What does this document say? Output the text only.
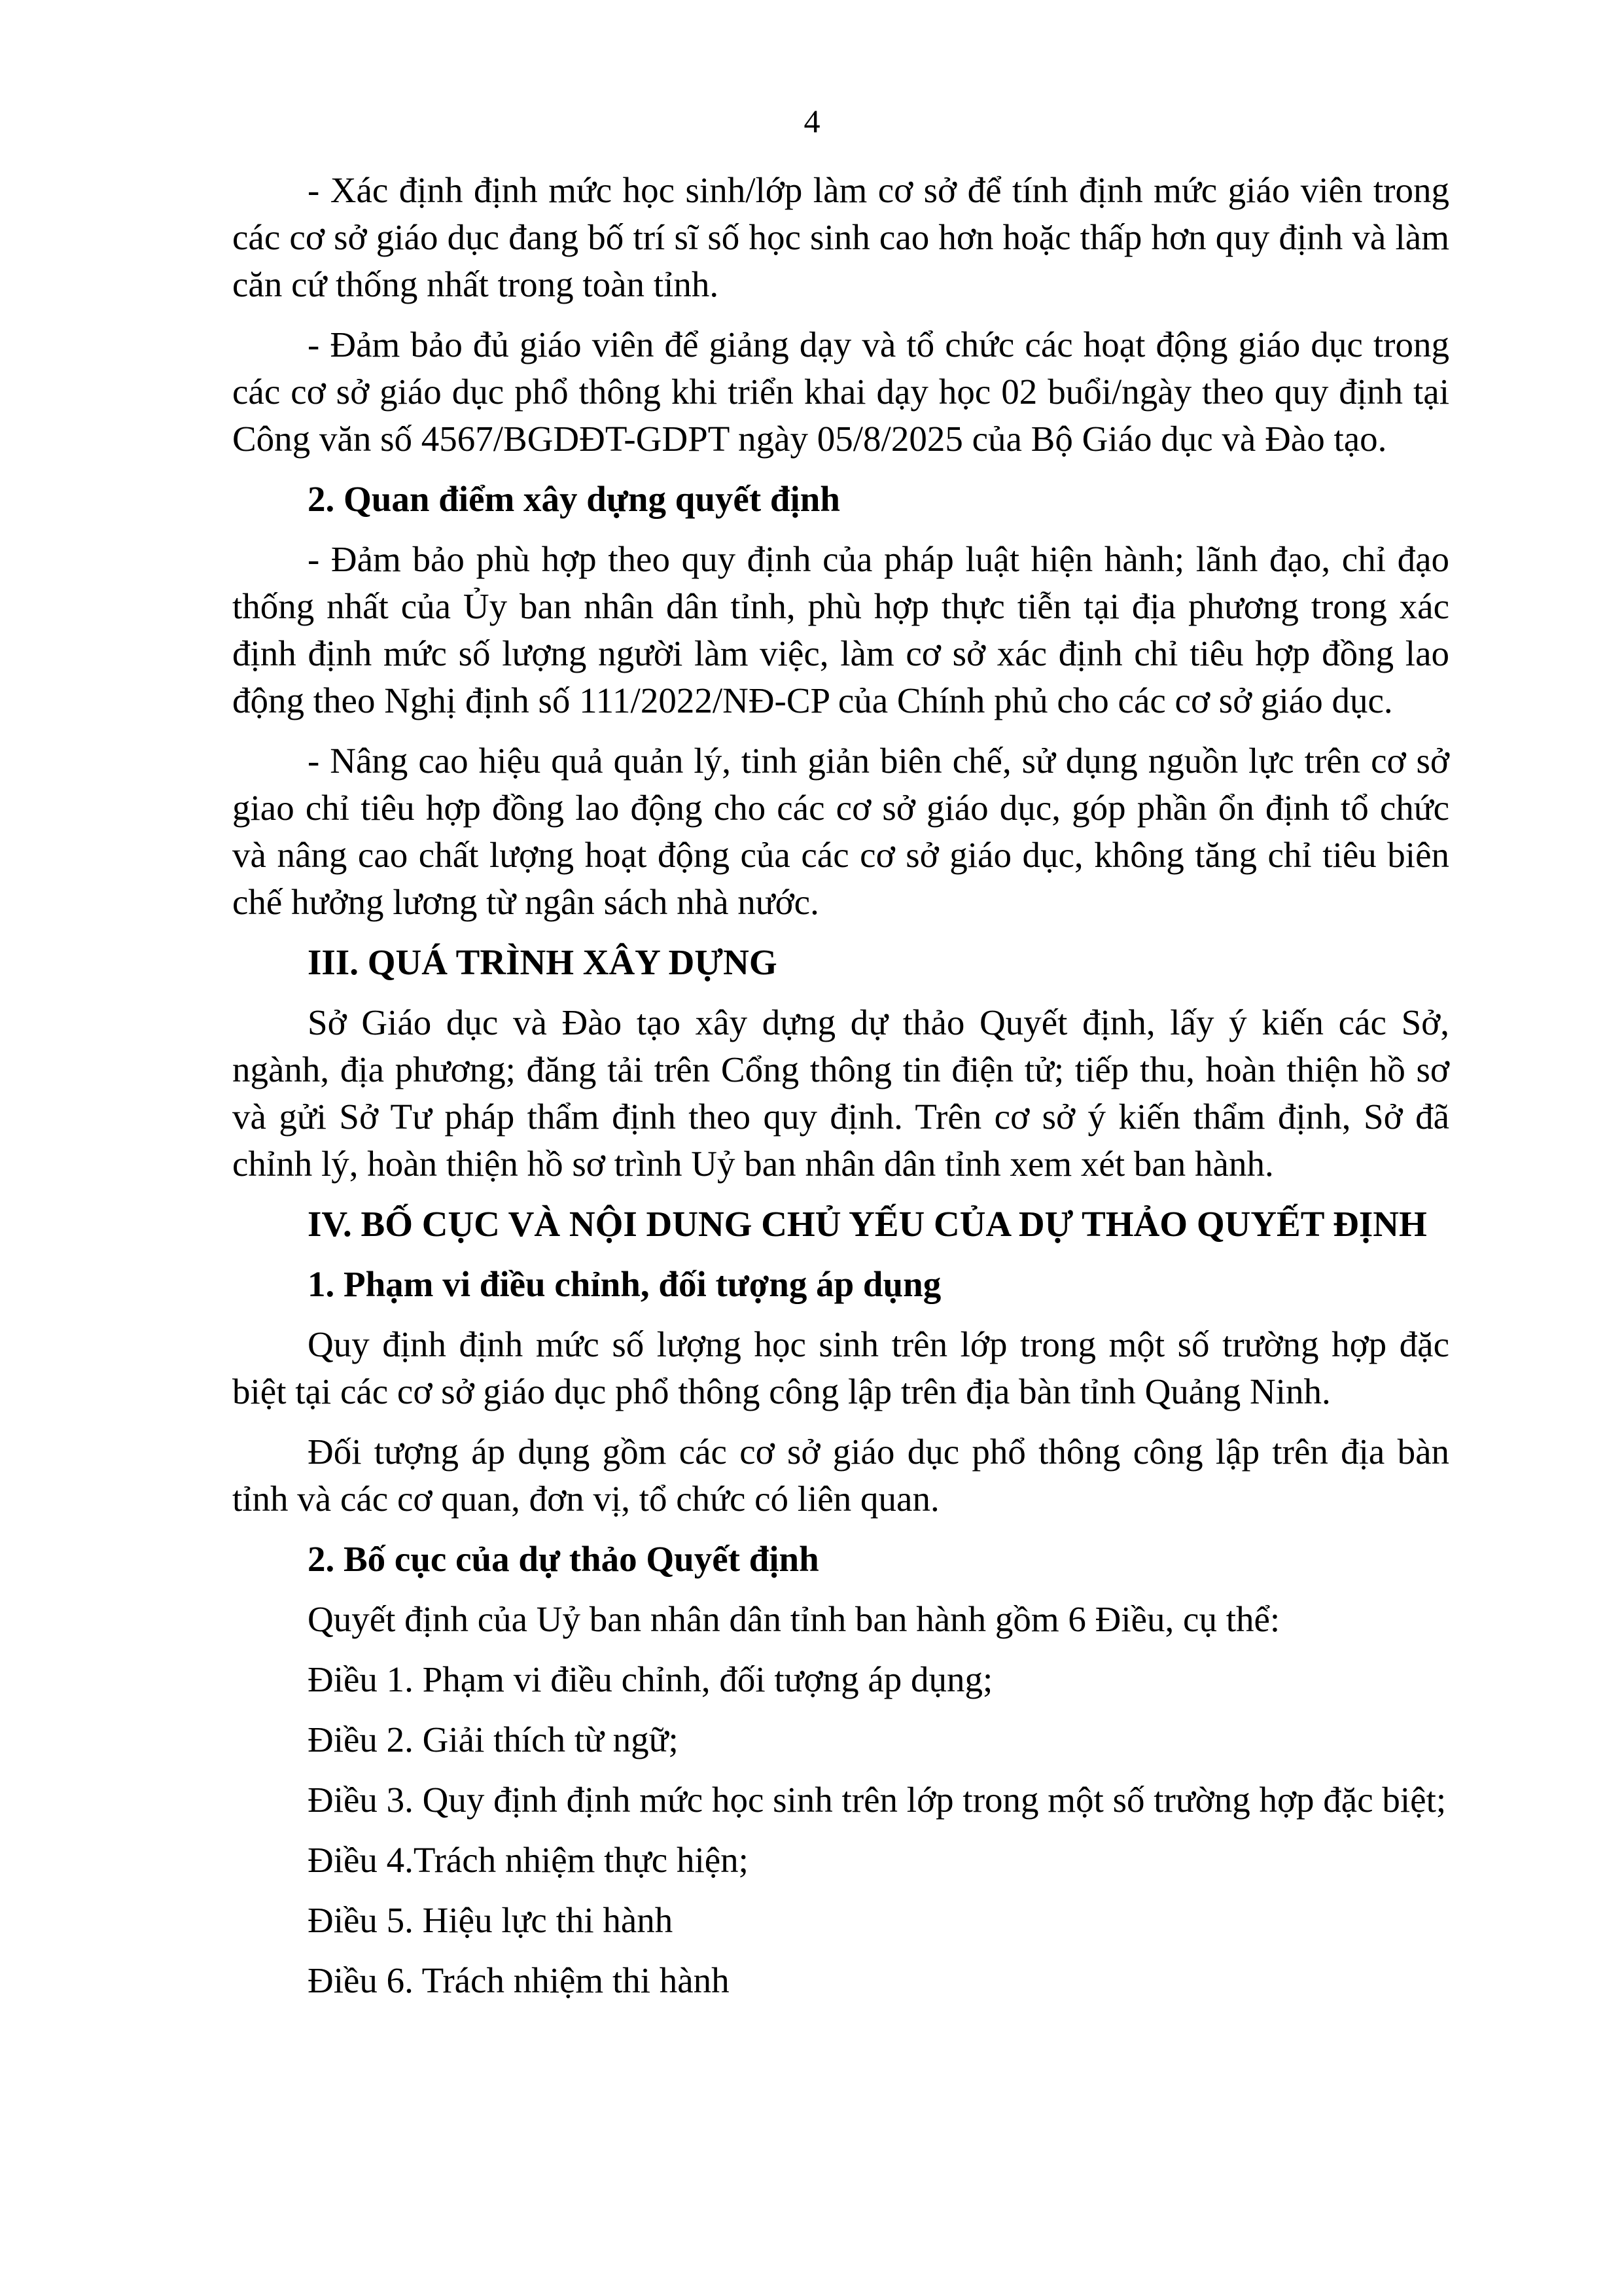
4

- Xác định định mức học sinh/lớp làm cơ sở để tính định mức giáo viên trong các cơ sở giáo dục đang bố trí sĩ số học sinh cao hơn hoặc thấp hơn quy định và làm căn cứ thống nhất trong toàn tỉnh.

- Đảm bảo đủ giáo viên để giảng dạy và tổ chức các hoạt động giáo dục trong các cơ sở giáo dục phổ thông khi triển khai dạy học 02 buổi/ngày theo quy định tại Công văn số 4567/BGDĐT-GDPT ngày 05/8/2025 của Bộ Giáo dục và Đào tạo.

2. Quan điểm xây dựng quyết định

- Đảm bảo phù hợp theo quy định của pháp luật hiện hành; lãnh đạo, chỉ đạo thống nhất của Ủy ban nhân dân tỉnh, phù hợp thực tiễn tại địa phương trong xác định định mức số lượng người làm việc, làm cơ sở xác định chỉ tiêu hợp đồng lao động theo Nghị định số 111/2022/NĐ-CP của Chính phủ cho các cơ sở giáo dục.

- Nâng cao hiệu quả quản lý, tinh giản biên chế, sử dụng nguồn lực trên cơ sở giao chỉ tiêu hợp đồng lao động cho các cơ sở giáo dục, góp phần ổn định tổ chức và nâng cao chất lượng hoạt động của các cơ sở giáo dục, không tăng chỉ tiêu biên chế hưởng lương từ ngân sách nhà nước.

III. QUÁ TRÌNH XÂY DỰNG

Sở Giáo dục và Đào tạo xây dựng dự thảo Quyết định, lấy ý kiến các Sở, ngành, địa phương; đăng tải trên Cổng thông tin điện tử; tiếp thu, hoàn thiện hồ sơ và gửi Sở Tư pháp thẩm định theo quy định. Trên cơ sở ý kiến thẩm định, Sở đã chỉnh lý, hoàn thiện hồ sơ trình Uỷ ban nhân dân tỉnh xem xét ban hành.

IV. BỐ CỤC VÀ NỘI DUNG CHỦ YẾU CỦA DỰ THẢO QUYẾT ĐỊNH

1. Phạm vi điều chỉnh, đối tượng áp dụng

Quy định định mức số lượng học sinh trên lớp trong một số trường hợp đặc biệt tại các cơ sở giáo dục phổ thông công lập trên địa bàn tỉnh Quảng Ninh.

Đối tượng áp dụng gồm các cơ sở giáo dục phổ thông công lập trên địa bàn tỉnh và các cơ quan, đơn vị, tổ chức có liên quan.

2. Bố cục của dự thảo Quyết định

Quyết định của Uỷ ban nhân dân tỉnh ban hành gồm 6 Điều, cụ thể:

Điều 1. Phạm vi điều chỉnh, đối tượng áp dụng;

Điều 2. Giải thích từ ngữ;

Điều 3. Quy định định mức học sinh trên lớp trong một số trường hợp đặc biệt;

Điều 4.Trách nhiệm thực hiện;

Điều 5. Hiệu lực thi hành

Điều 6. Trách nhiệm thi hành
